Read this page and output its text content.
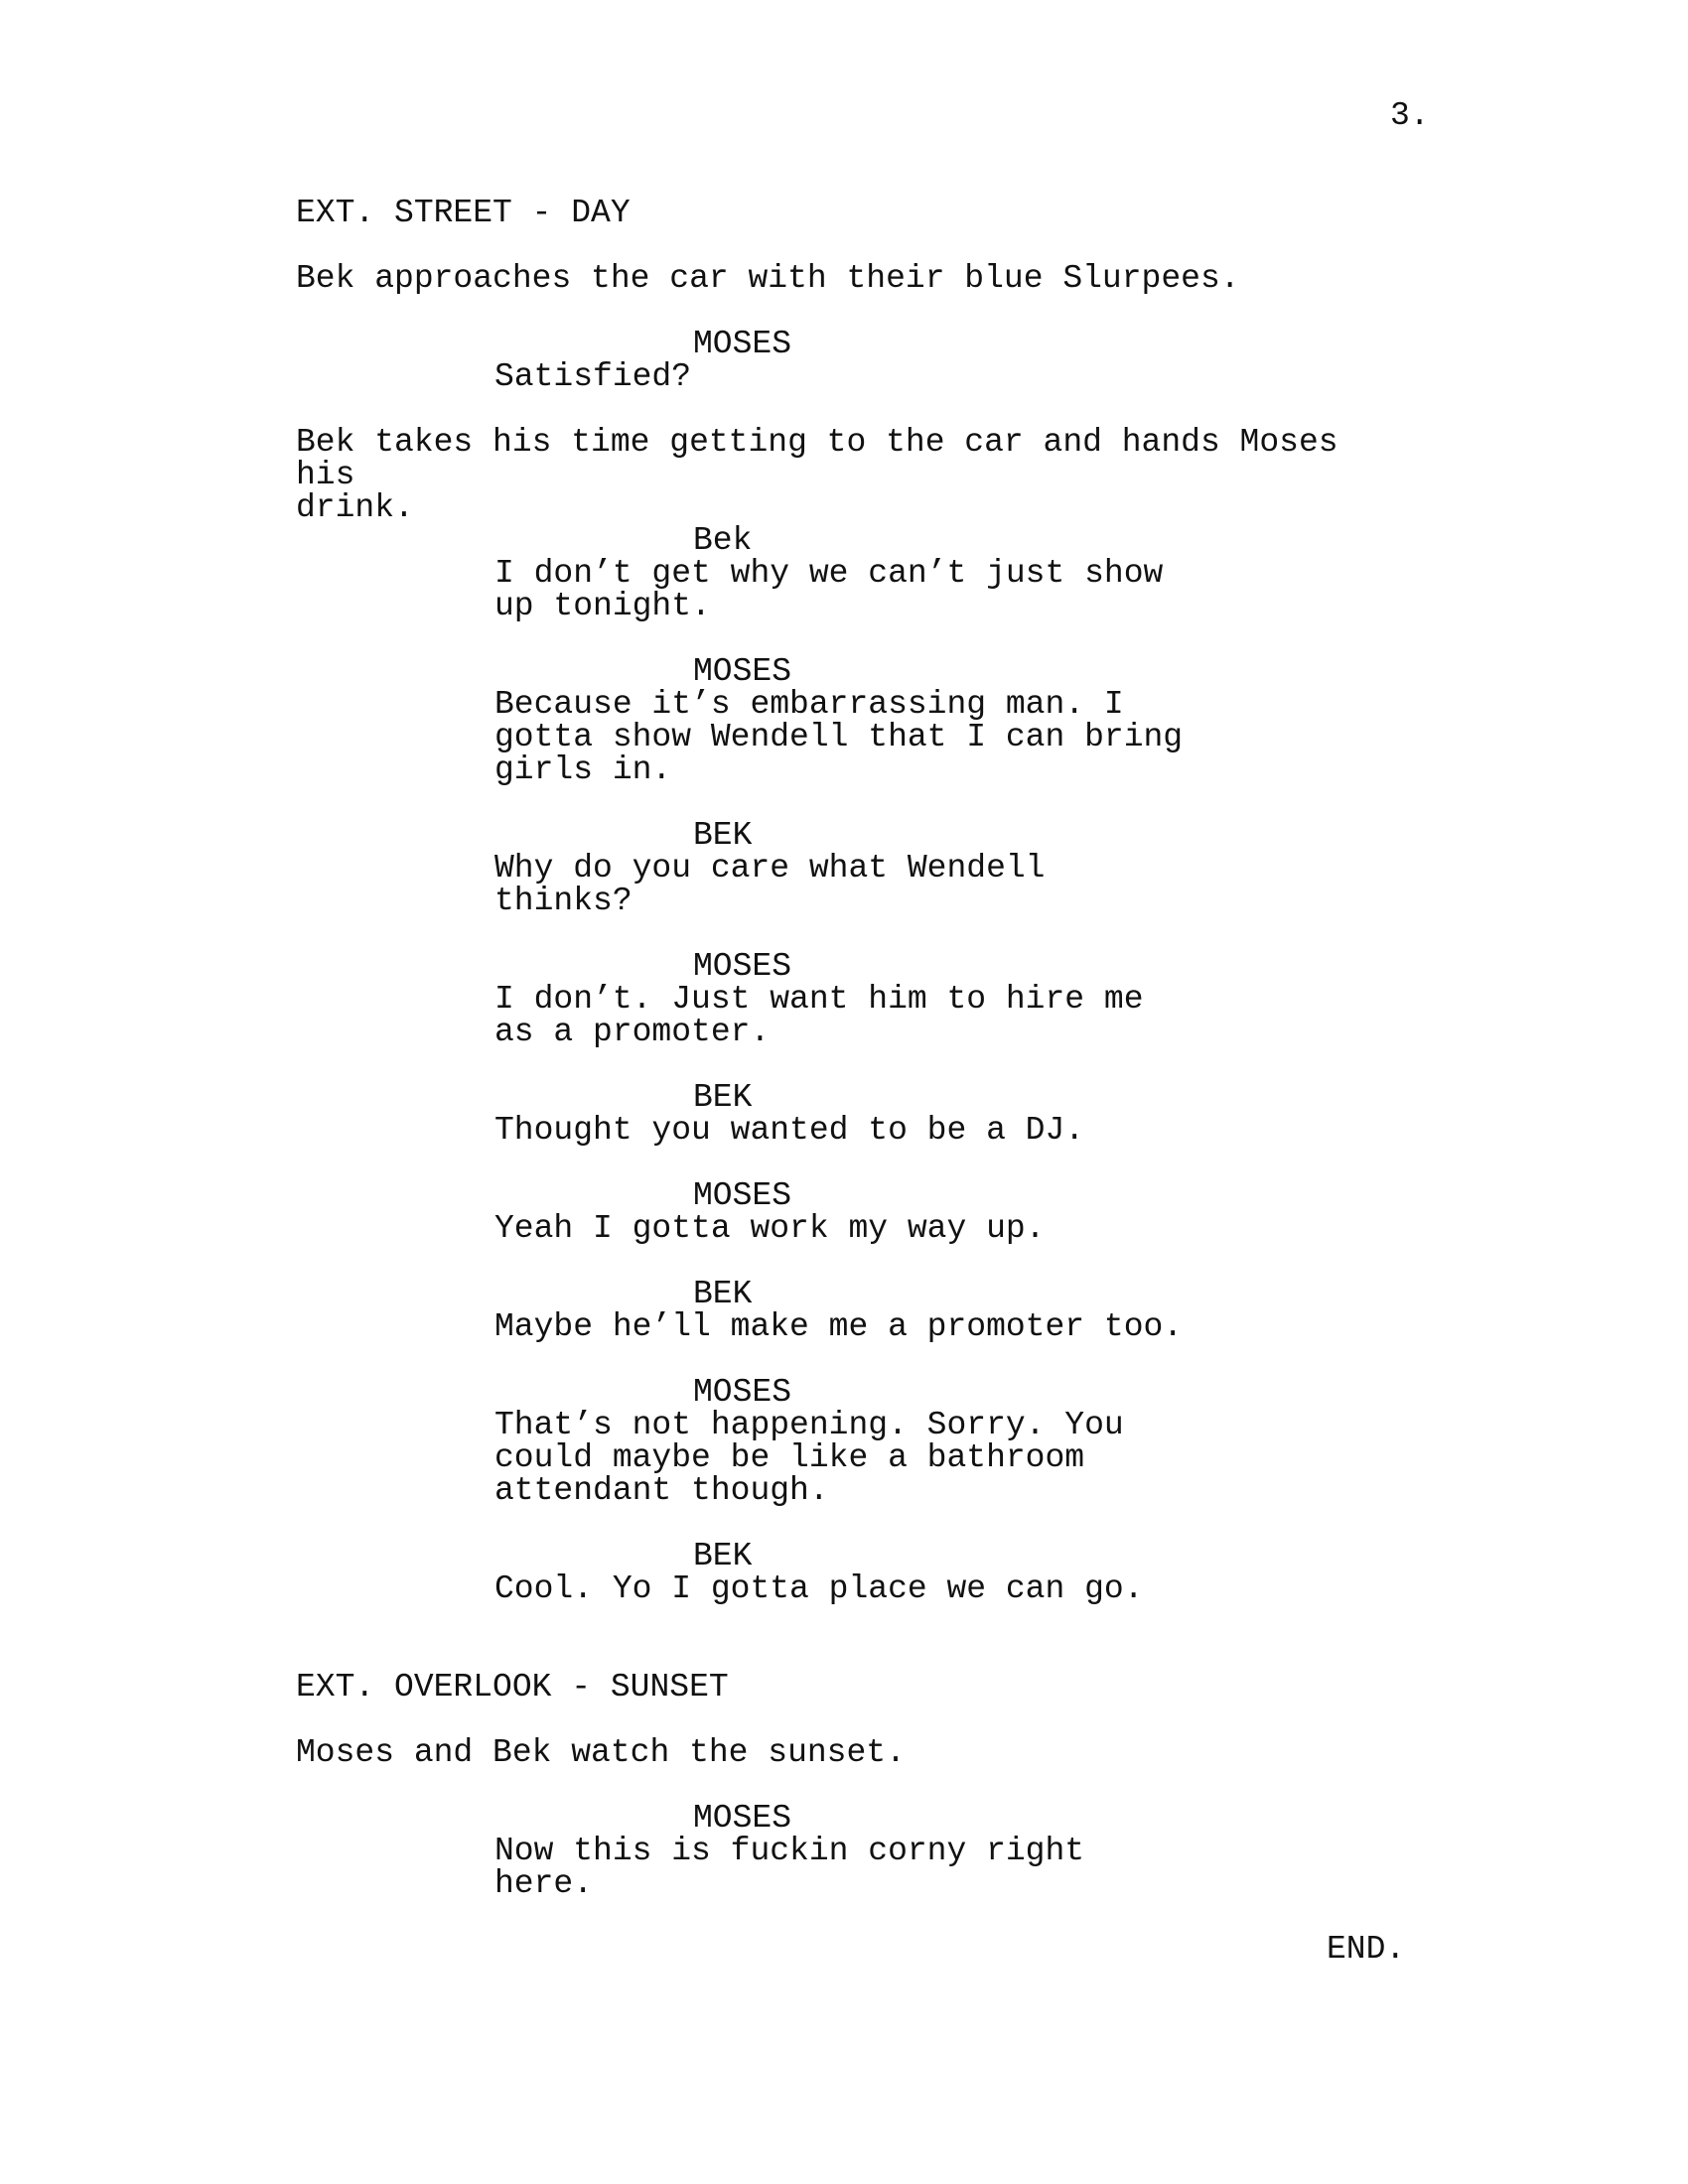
3.
EXT. STREET - DAY
Bek approaches the car with their blue Slurpees.
MOSES
Satisfied?
Bek takes his time getting to the car and hands Moses his
drink.
Bek
I don’t get why we can’t just show
up tonight.
MOSES
Because it’s embarrassing man. I
gotta show Wendell that I can bring
girls in.
BEK
Why do you care what Wendell
thinks?
MOSES
I don’t. Just want him to hire me
as a promoter.
BEK
Thought you wanted to be a DJ.
MOSES
Yeah I gotta work my way up.
BEK
Maybe he’ll make me a promoter too.
MOSES
That’s not happening. Sorry. You
could maybe be like a bathroom
attendant though.
BEK
Cool. Yo I gotta place we can go.
EXT. OVERLOOK - SUNSET
Moses and Bek watch the sunset.
MOSES
Now this is fuckin corny right
here.
END.
